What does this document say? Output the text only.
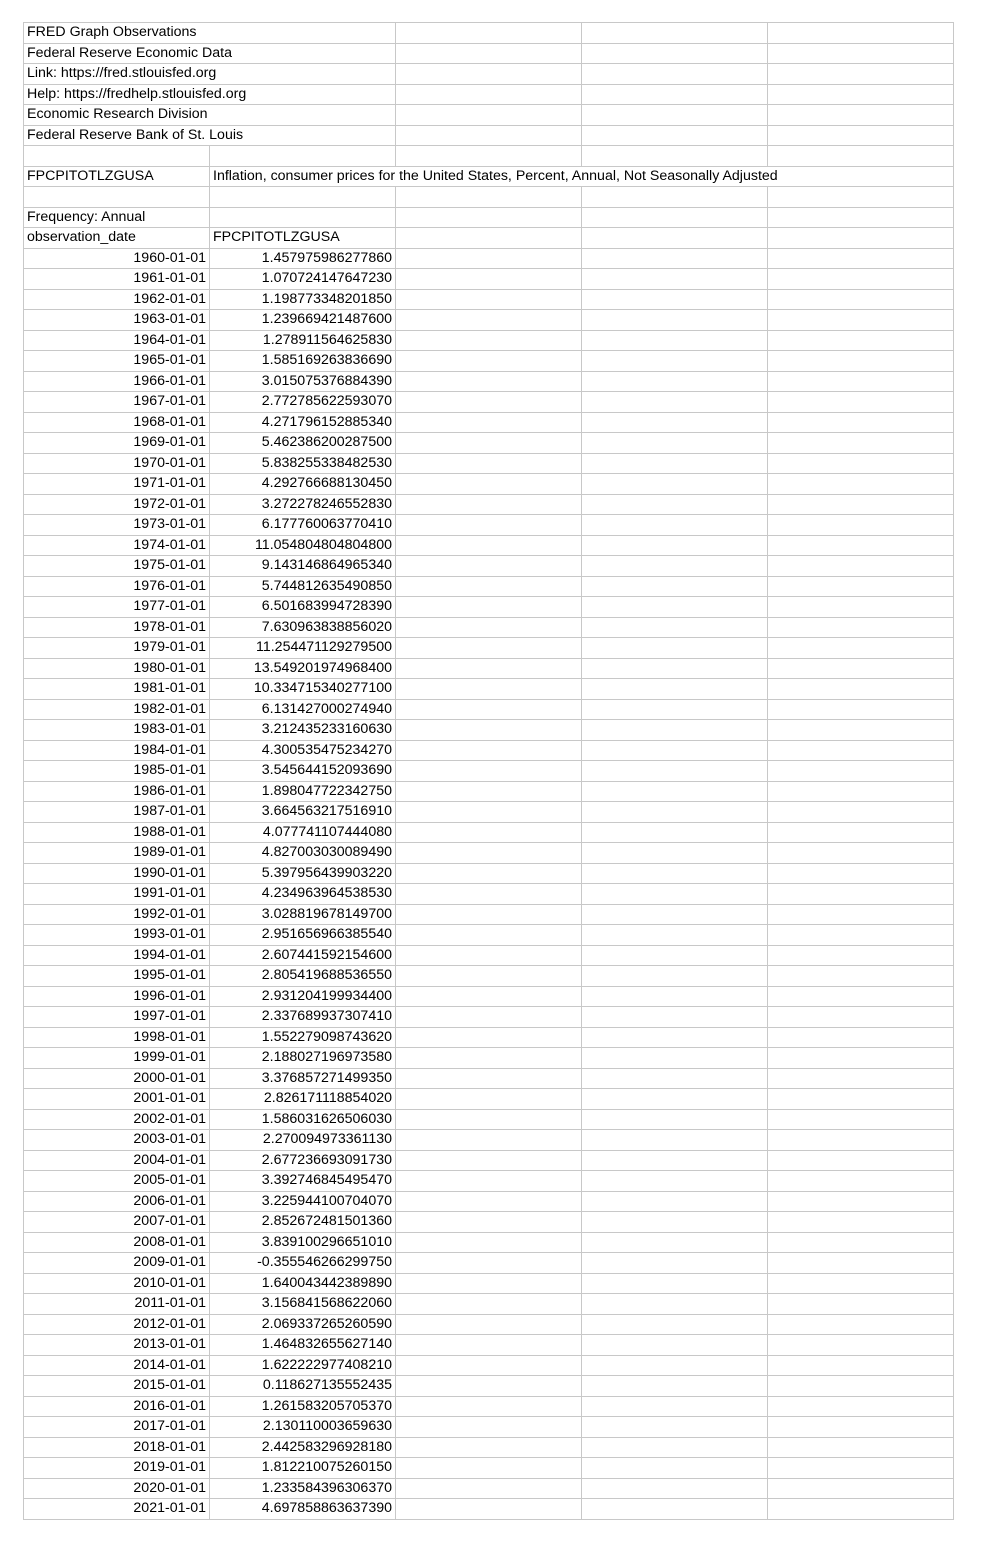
FRED Graph Observations				
Federal Reserve Economic Data				
Link: https://fred.stlouisfed.org				
Help: https://fredhelp.stlouisfed.org				
Economic Research Division				
Federal Reserve Bank of St. Louis				

FPCPITOTLZGUSA	Inflation, consumer prices for the United States, Percent, Annual, Not Seasonally Adjusted			

Frequency: Annual				
observation_date	FPCPITOTLZGUSA			
1960-01-01	1.457975986277860			
1961-01-01	1.070724147647230			
1962-01-01	1.198773348201850			
1963-01-01	1.239669421487600			
1964-01-01	1.278911564625830			
1965-01-01	1.585169263836690			
1966-01-01	3.015075376884390			
1967-01-01	2.772785622593070			
1968-01-01	4.271796152885340			
1969-01-01	5.462386200287500			
1970-01-01	5.838255338482530			
1971-01-01	4.292766688130450			
1972-01-01	3.272278246552830			
1973-01-01	6.177760063770410			
1974-01-01	11.054804804804800			
1975-01-01	9.143146864965340			
1976-01-01	5.744812635490850			
1977-01-01	6.501683994728390			
1978-01-01	7.630963838856020			
1979-01-01	11.254471129279500			
1980-01-01	13.549201974968400			
1981-01-01	10.334715340277100			
1982-01-01	6.131427000274940			
1983-01-01	3.212435233160630			
1984-01-01	4.300535475234270			
1985-01-01	3.545644152093690			
1986-01-01	1.898047722342750			
1987-01-01	3.664563217516910			
1988-01-01	4.077741107444080			
1989-01-01	4.827003030089490			
1990-01-01	5.397956439903220			
1991-01-01	4.234963964538530			
1992-01-01	3.028819678149700			
1993-01-01	2.951656966385540			
1994-01-01	2.607441592154600			
1995-01-01	2.805419688536550			
1996-01-01	2.931204199934400			
1997-01-01	2.337689937307410			
1998-01-01	1.552279098743620			
1999-01-01	2.188027196973580			
2000-01-01	3.376857271499350			
2001-01-01	2.826171118854020			
2002-01-01	1.586031626506030			
2003-01-01	2.270094973361130			
2004-01-01	2.677236693091730			
2005-01-01	3.392746845495470			
2006-01-01	3.225944100704070			
2007-01-01	2.852672481501360			
2008-01-01	3.839100296651010			
2009-01-01	-0.355546266299750			
2010-01-01	1.640043442389890			
2011-01-01	3.156841568622060			
2012-01-01	2.069337265260590			
2013-01-01	1.464832655627140			
2014-01-01	1.622222977408210			
2015-01-01	0.118627135552435			
2016-01-01	1.261583205705370			
2017-01-01	2.130110003659630			
2018-01-01	2.442583296928180			
2019-01-01	1.812210075260150			
2020-01-01	1.233584396306370			
2021-01-01	4.697858863637390			
